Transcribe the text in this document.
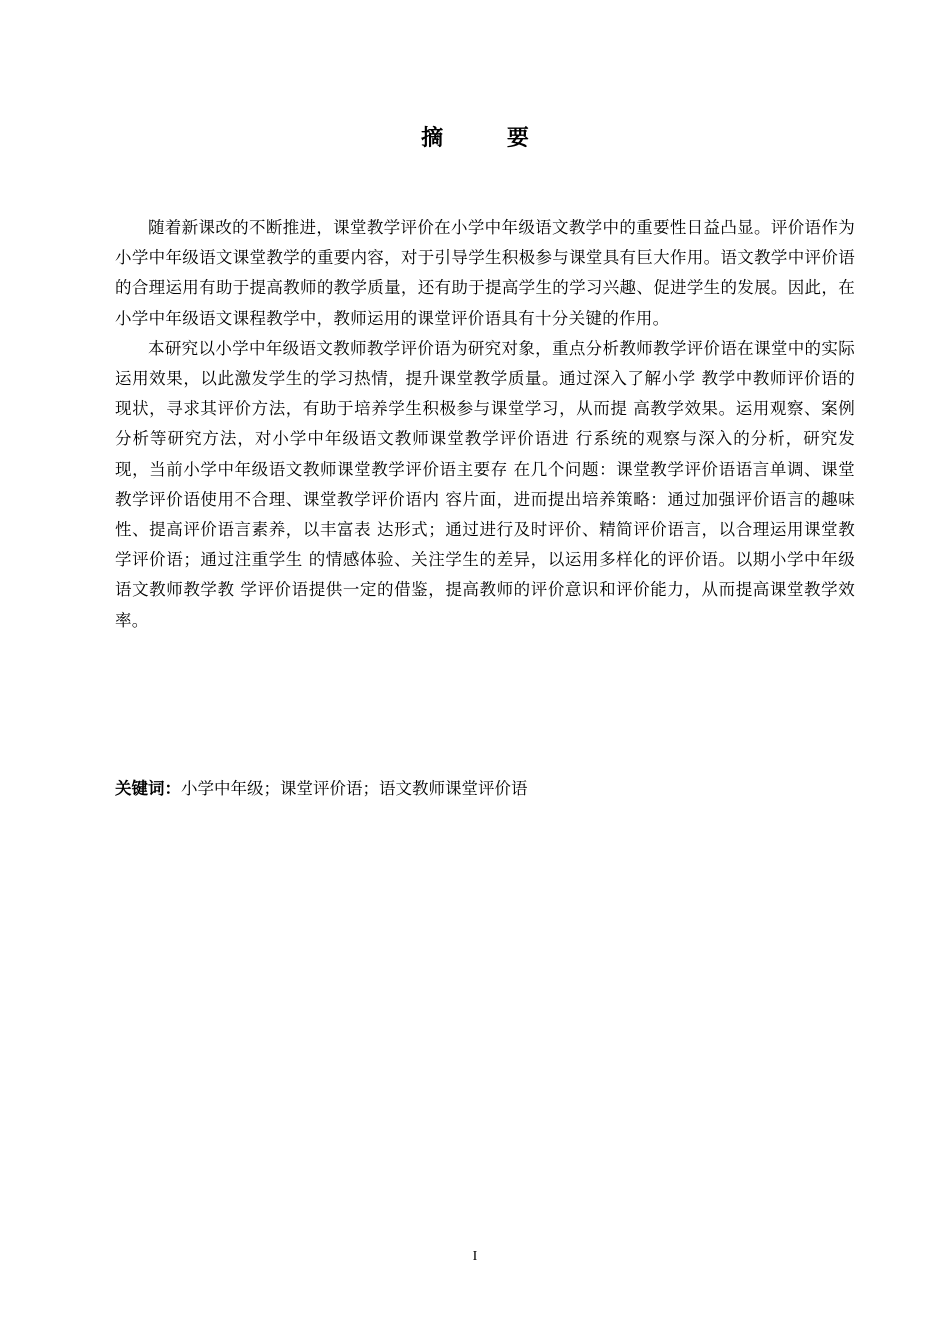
摘 要

随着新课改的不断推进，课堂教学评价在小学中年级语文教学中的重要性日益凸显。评价语作为小学中年级语文课堂教学的重要内容，对于引导学生积极参与课堂具有巨大作用。语文教学中评价语的合理运用有助于提高教师的教学质量，还有助于提高学生的学习兴趣、促进学生的发展。因此，在小学中年级语文课程教学中，教师运用的课堂评价语具有十分关键的作用。

本研究以小学中年级语文教师教学评价语为研究对象，重点分析教师教学评价语在课堂中的实际运用效果，以此激发学生的学习热情，提升课堂教学质量。通过深入了解小学 教学中教师评价语的现状，寻求其评价方法，有助于培养学生积极参与课堂学习，从而提 高教学效果。运用观察、案例分析等研究方法，对小学中年级语文教师课堂教学评价语进 行系统的观察与深入的分析，研究发现，当前小学中年级语文教师课堂教学评价语主要存 在几个问题：课堂教学评价语语言单调、课堂教学评价语使用不合理、课堂教学评价语内 容片面，进而提出培养策略：通过加强评价语言的趣味性、提高评价语言素养，以丰富表 达形式；通过进行及时评价、精简评价语言，以合理运用课堂教学评价语；通过注重学生 的情感体验、关注学生的差异，以运用多样化的评价语。以期小学中年级语文教师教学教 学评价语提供一定的借鉴，提高教师的评价意识和评价能力，从而提高课堂教学效率。

关键词：小学中年级；课堂评价语；语文教师课堂评价语
I
